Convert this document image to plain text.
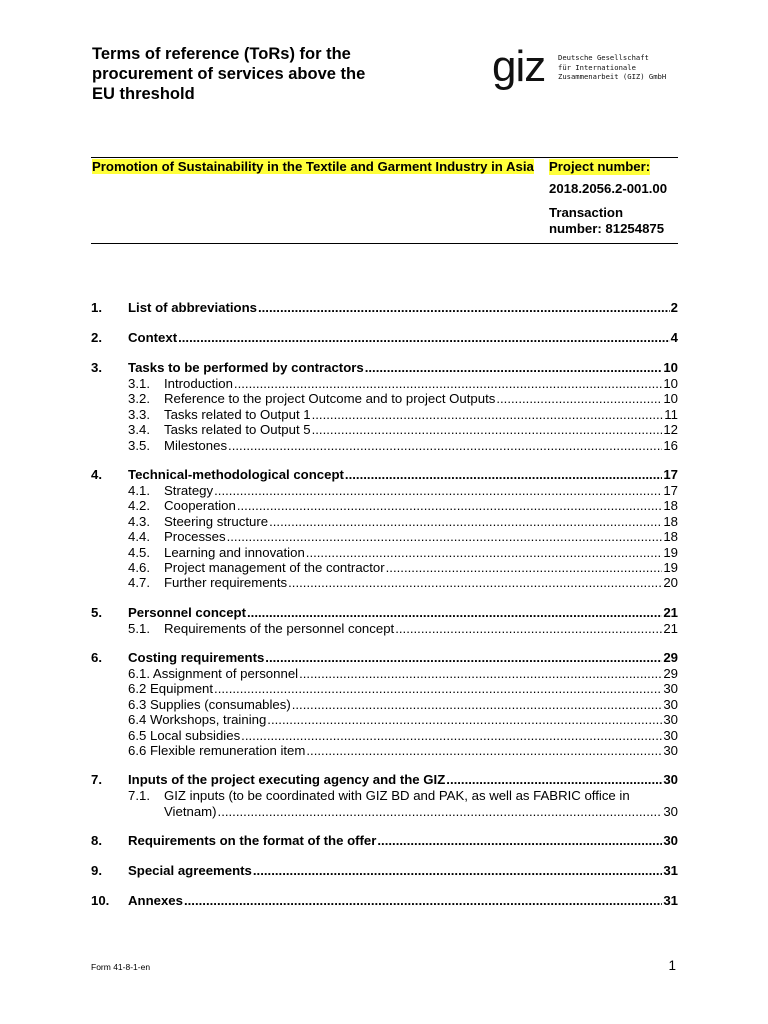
Terms of reference (ToRs) for the
procurement of services above the
EU threshold
giz Deutsche Gesellschaft
für Internationale
Zusammenarbeit (GIZ) GmbH
Promotion of Sustainability in the Textile and Garment Industry in Asia	Project number:
2018.2056.2-001.00
Transaction
number: 81254875
1.	List of abbreviations .....	2
2.	Context .....	4
3.	Tasks to be performed by contractors .....	10
3.1.	Introduction .....	10
3.2.	Reference to the project Outcome and to project Outputs .....	10
3.3.	Tasks related to Output 1 .....	11
3.4.	Tasks related to Output 5 .....	12
3.5.	Milestones .....	16
4.	Technical-methodological concept .....	17
4.1.	Strategy .....	17
4.2.	Cooperation .....	18
4.3.	Steering structure .....	18
4.4.	Processes .....	18
4.5.	Learning and innovation .....	19
4.6.	Project management of the contractor .....	19
4.7.	Further requirements .....	20
5.	Personnel concept .....	21
5.1.	Requirements of the personnel concept .....	21
6.	Costing requirements .....	29
6.1. Assignment of personnel .....	29
6.2 Equipment .....	30
6.3 Supplies (consumables) .....	30
6.4 Workshops, training .....	30
6.5 Local subsidies .....	30
6.6 Flexible remuneration item .....	30
7.	Inputs of the project executing agency and the GIZ .....	30
7.1.	GIZ inputs (to be coordinated with GIZ BD and PAK, as well as FABRIC office in
Vietnam) .....	30
8.	Requirements on the format of the offer .....	30
9.	Special agreements .....	31
10.	Annexes .....	31
Form 41-8-1-en	1
